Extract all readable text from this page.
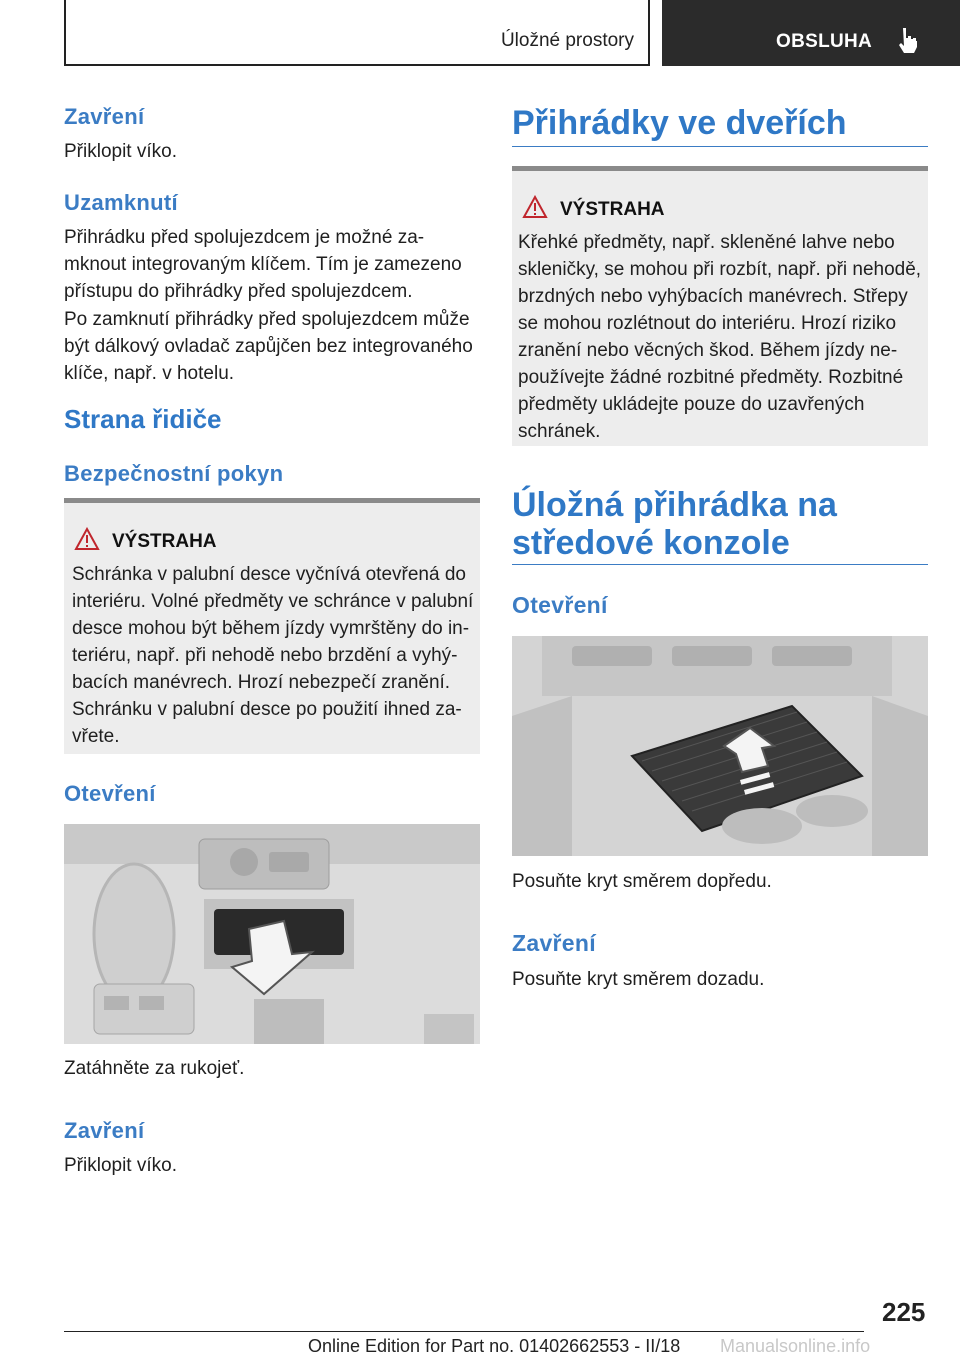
Úložné prostory	OBSLUHA
Zavření
Přiklopit víko.
Uzamknutí
Přihrádku před spolujezdcem je možné za-
mknout integrovaným klíčem. Tím je zamezeno
přístupu do přihrádky před spolujezdcem.
Po zamknutí přihrádky před spolujezdcem může
být dálkový ovladač zapůjčen bez integrovaného
klíče, např. v hotelu.
Strana řidiče
Bezpečnostní pokyn
VÝSTRAHA
Schránka v palubní desce vyčnívá otevřená do
interiéru. Volné předměty ve schránce v palubní
desce mohou být během jízdy vymrštěny do in-
teriéru, např. při nehodě nebo brzdění a vyhý-
bacích manévrech. Hrozí nebezpečí zranění.
Schránku v palubní desce po použití ihned za-
vřete.
Otevření
Zatáhněte za rukojeť.
Zavření
Přiklopit víko.
Přihrádky ve dveřích
VÝSTRAHA
Křehké předměty, např. skleněné lahve nebo
skleničky, se mohou při rozbít, např. při nehodě,
brzdných nebo vyhýbacích manévrech. Střepy
se mohou rozlétnout do interiéru. Hrozí riziko
zranění nebo věcných škod. Během jízdy ne-
používejte žádné rozbitné předměty. Rozbitné
předměty ukládejte pouze do uzavřených
schránek.
Úložná přihrádka na
středové konzole
Otevření
Posuňte kryt směrem dopředu.
Zavření
Posuňte kryt směrem dozadu.
225
Online Edition for Part no. 01402662553 - II/18 Manualsonline.info
